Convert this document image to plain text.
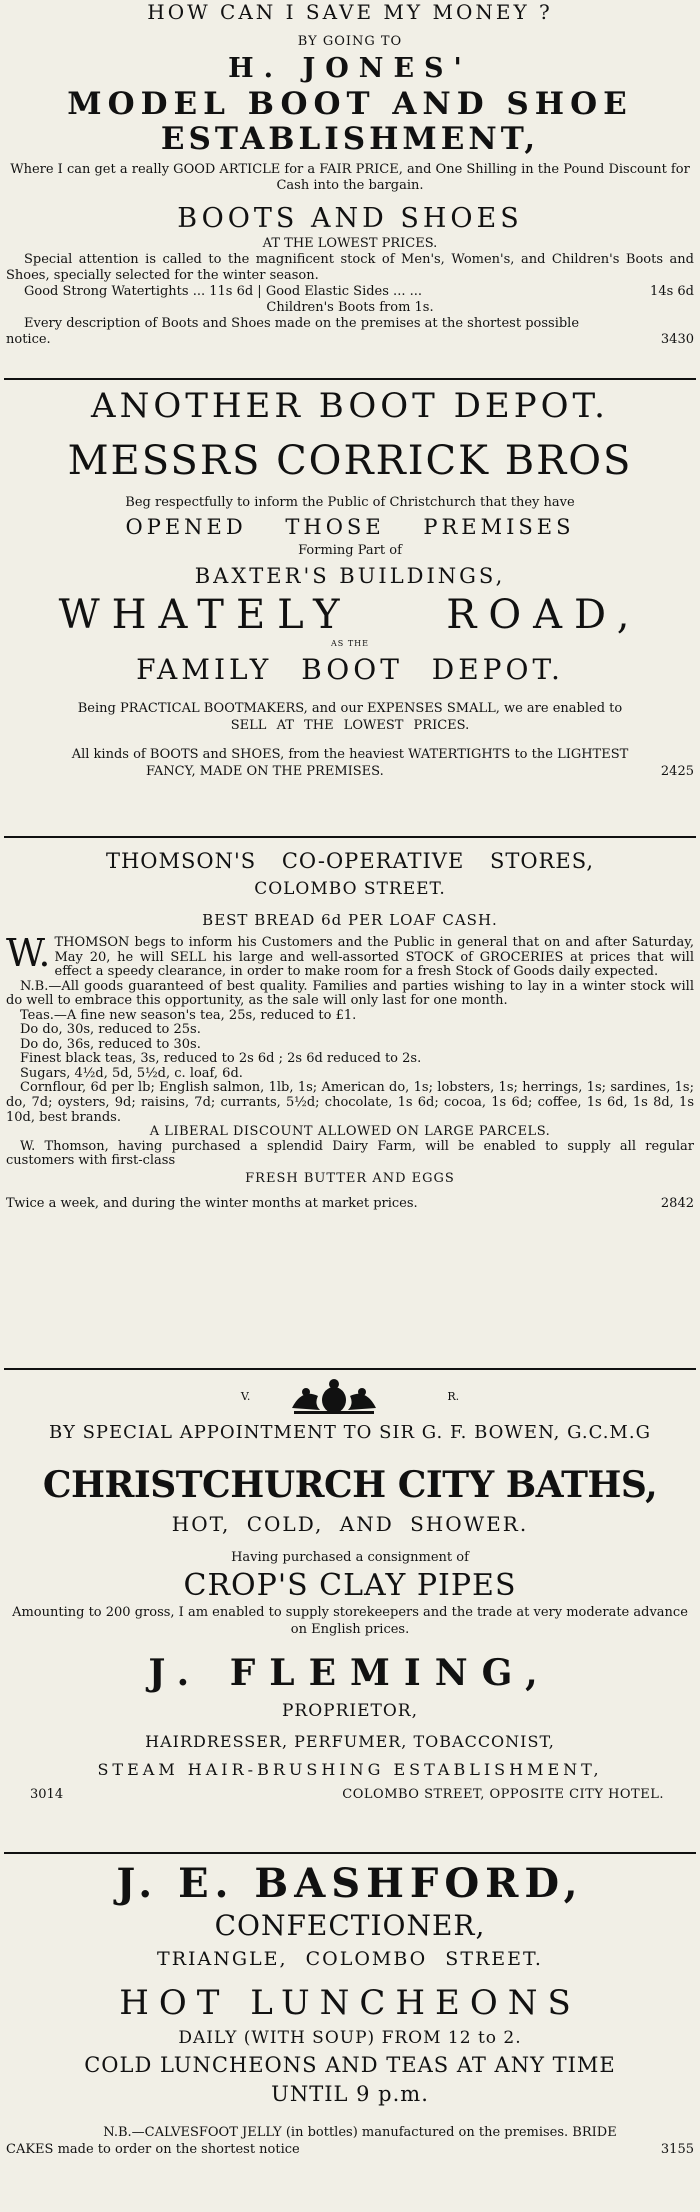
HOW CAN I SAVE MY MONEY ?
BY GOING TO
H. JONES'
MODEL BOOT AND SHOE
ESTABLISHMENT,
Where I can get a really GOOD ARTICLE for a FAIR PRICE, and One Shilling in the Pound Discount for Cash into the bargain.
BOOTS AND SHOES
AT THE LOWEST PRICES.
Special attention is called to the magnificent stock of Men's, Women's, and Children's Boots and Shoes, specially selected for the winter season.
Good Strong Watertights ... 11s 6d | Good Elastic Sides ... ...	14s 6d
Children's Boots from 1s.
Every description of Boots and Shoes made on the premises at the shortest possible
notice.	3430
ANOTHER BOOT DEPOT.
MESSRS CORRICK BROS
Beg respectfully to inform the Public of Christchurch that they have
OPENED THOSE PREMISES
Forming Part of
BAXTER'S BUILDINGS,
WHATELY ROAD,
AS THE
FAMILY BOOT DEPOT.
Being PRACTICAL BOOTMAKERS, and our EXPENSES SMALL, we are enabled to
SELL AT THE LOWEST PRICES.
All kinds of BOOTS and SHOES, from the heaviest WATERTIGHTS to the LIGHTEST
FANCY, MADE ON THE PREMISES.	2425
THOMSON'S CO-OPERATIVE STORES,
COLOMBO STREET.
BEST BREAD 6d PER LOAF CASH.
W. THOMSON begs to inform his Customers and the Public in general that on and after Saturday, May 20, he will SELL his large and well-assorted STOCK of GROCERIES at prices that will effect a speedy clearance, in order to make room for a fresh Stock of Goods daily expected.
N.B.—All goods guaranteed of best quality. Families and parties wishing to lay in a winter stock will do well to embrace this opportunity, as the sale will only last for one month.
Teas.—A fine new season's tea, 25s, reduced to £1.
Do do, 30s, reduced to 25s.
Do do, 36s, reduced to 30s.
Finest black teas, 3s, reduced to 2s 6d ; 2s 6d reduced to 2s.
Sugars, 4½d, 5d, 5½d, c. loaf, 6d.
Cornflour, 6d per lb; English salmon, 1lb, 1s; American do, 1s; lobsters, 1s; herrings, 1s; sardines, 1s; do, 7d; oysters, 9d; raisins, 7d; currants, 5½d; chocolate, 1s 6d; cocoa, 1s 6d; coffee, 1s 6d, 1s 8d, 1s 10d, best brands.
A LIBERAL DISCOUNT ALLOWED ON LARGE PARCELS.
W. Thomson, having purchased a splendid Dairy Farm, will be enabled to supply all regular customers with first-class
FRESH BUTTER AND EGGS
Twice a week, and during the winter months at market prices.	2842
V.	R.
BY SPECIAL APPOINTMENT TO SIR G. F. BOWEN, G.C.M.G
CHRISTCHURCH CITY BATHS,
HOT, COLD, AND SHOWER.
Having purchased a consignment of
CROP'S CLAY PIPES
Amounting to 200 gross, I am enabled to supply storekeepers and the trade at very moderate advance on English prices.
J. FLEMING,
PROPRIETOR,
HAIRDRESSER, PERFUMER, TOBACCONIST,
STEAM HAIR-BRUSHING ESTABLISHMENT,
3014	COLOMBO STREET, OPPOSITE CITY HOTEL.
J. E. BASHFORD,
CONFECTIONER,
TRIANGLE, COLOMBO STREET.
HOT LUNCHEONS
DAILY (WITH SOUP) FROM 12 to 2.
COLD LUNCHEONS AND TEAS AT ANY TIME
UNTIL 9 p.m.
N.B.—CALVESFOOT JELLY (in bottles) manufactured on the premises. BRIDE
CAKES made to order on the shortest notice	3155
